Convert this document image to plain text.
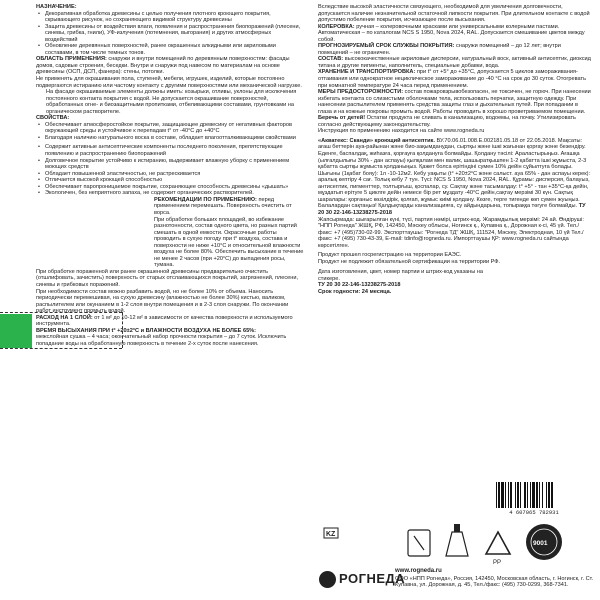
НАЗНАЧЕНИЕ:

• Декоративная обработка древесины с целью получения плотного кроющего покрытия, скрывающего рисунок, но сохраняющего видимой структуру древесины
• Защита древесины от воздействия влаги, появления и распространения биопоражений (плесени, синевы, грибка, гнили), УФ-излучения (потемнения, выгорания) и других атмосферных воздействий
• Обновление деревянных поверхностей, ранее окрашенных алкидными или акриловыми составами, в том числе темных тонов.

ОБЛАСТЬ ПРИМЕНЕНИЯ: снаружи и внутри помещений по деревянным поверхностям: фасады домов, садовые строения, беседки. Внутри и снаружи под навесом по материалам на основе древесины (ОСП, ДСП, фанера): стены, потолки.

Не применять для окрашивания пола, ступеней, мебели, игрушек, изделий, которые постоянно подвергаются истиранию или частому контакту с другими поверхностями или механической нагрузке.

На фасаде окрашиваемые элементы должны иметь: козырьки, отливы, уклоны для исключения постоянного контакта покрытия с водой. Не допускается окрашивание поверхностей, обработанных огне- и биозащитными пропитками, отбеливающими составами, грунтовками на органическом растворителе.

СВОЙСТВА:

• Обеспечивает атмосферостойкое покрытие, защищающее древесину от негативных факторов окружающей среды и устойчивое к перепадам t° от -40°С до +40°С
• Благодаря наличию натурального воска в составе, обладает влагоотталкивающими свойствами
• Содержит активные антисептические компоненты последнего поколения, препятствующие появлению и распространению биопоражений
• Долговечное покрытие устойчиво к истиранию, выдерживает влажную уборку с применением моющих средств
• Обладает повышенной эластичностью, не растрескивается
• Отличается высокой кроющей способностью
• Обеспечивает паропроницаемое покрытие, сохраняющее способность древесины «дышать»
• Экологичен, без неприятного запаха, не содержит органических растворителей.

РЕКОМЕНДАЦИИ ПО ПРИМЕНЕНИЮ: перед применением перемешать. Поверхность очистить от ворса.

При обработке больших площадей, во избежание разнотонности, состав одного цвета, но разных партий смешать в одной емкости. Окрасочные работы проводить в сухую погоду при t° воздуха, состава и поверхности не ниже +10°С и относительной влажности воздуха не более 80%. Обеспечить высыхание в течение не менее 2 часов (при +20°С) до выпадения росы, тумана.

При обработке пораженной или ранее окрашенной древесины предварительно очистить (отшлифовать, зачистить) поверхность от старых отслаивающихся покрытий, загрязнений, плесени, синевы и грибковых поражений.

При необходимости состав можно разбавить водой, но не более 10% от объема. Наносить периодически перемешивая, на сухую древесину (влажностью не более 30%) кистью, валиком, распылителем или окунанием в 1-2 слоя внутри помещения и в 2-3 слоя снаружи. По окончании работ инструмент промыть водой.

РАСХОД НА 1 СЛОЙ: от 1 м² до 10-12 м² в зависимости от качества поверхности и используемого инструмента.

ВРЕМЯ ВЫСЫХАНИЯ ПРИ t° +20±2°С и ВЛАЖНОСТИ ВОЗДУХА НЕ БОЛЕЕ 65%:

межслойная сушка – 4 часа; окончательный набор прочности покрытия – до 7 суток. Исключить попадание воды на обработанную поверхность в течение 2-х суток после нанесения.

Вследствие высокой эластичности связующего, необходимой для увеличения долговечности, допускается наличие незначительной остаточной липкости покрытия. При длительном контакте с водой допустимо побеление покрытия, исчезающее после высыхания.

КОЛЕРОВКА: ручная – колеровочными красками или универсальными колерными пастами. Автоматическая – по каталогам NCS S 1950, Nova 2024, RAL. Допускается смешивание цветов между собой.

ПРОГНОЗИРУЕМЫЙ СРОК СЛУЖБЫ ПОКРЫТИЯ: снаружи помещений – до 12 лет; внутри помещений – не ограничен.

СОСТАВ: высококачественные акриловые дисперсии, натуральный воск, активный антисептик, диоксид титана и другие пигменты, наполнитель, специальные добавки, вода.

ХРАНЕНИЕ И ТРАНСПОРТИРОВКА: при t° от +5° до +35°С, допускается 5 циклов замораживания-оттаивания или однократное нециклическое замораживание до -40 °С на срок до 30 суток. Отогревать при комнатной температуре 24 часа перед применением.

МЕРЫ ПРЕДОСТОРОЖНОСТИ: состав пожаровзрывобезопасен, не токсичен, не горюч. При нанесении избегать контакта со слизистыми оболочками тела, использовать перчатки, защитную одежду. При нанесении распылителем применять средства защиты глаз и дыхательных путей. При попадании в глаза и на кожные покровы промыть водой. Работы проводить в хорошо проветриваемом помещении. Беречь от детей! Остатки продукта не сливать в канализацию, водоемы, на почву. Утилизировать согласно действующему законодательству.

Инструкция по применению находится на сайте www.rogneda.ru

«Акватекс: Сканди» кроющий антисептик. ВУ.70.06.01.008.Е.002181.05.18 от 22.05.2018. Мақсаты: ағаш беттерін ауа-райынан және био-зақымданудан, сыртқы және ішкі жағынан қорғау және безендіру. Еденге, баспалдақ, жиһазға, қорғауға қолдануға болмайды. Қолдану тәсілі: Араластырыңыз. Ағашқа (ылғалдылығы 30% - дан аспауы) қылқалам мен валик, шашыратқышпен 1-2 қабатта ішкі жұмыста, 2-3 қабатта сыртқы жұмыста қолданыңыз. Қажет болса ерітіндіні сумен 10% дейін сұйылтуға болады. Шығыны (1қабат бояу): 1л -10-12м2. Кебу уақыты (t° +20±2°С және салыст. ауа 65% - дан аспауы керек): аралық кептіру 4 сағ. Толық кебу 7 тун. Түсі: NCS S 1950, Nova 2024, RAL. Құрамы: дисперсия, балауыз, антисептик, пигменттер, толтырғыш, қоспалар, су. Сақтау және тасымалдау: t° +5° - тан +35°С-қа дейін, мұздатып ерітуге 5 циклге дейін немесе бір рет мұздату -40°С дейін,сақтау мерзімі 30 күн. Сақтық шаралары: қорғаныс көзілдірік, қолғап, жұмыс киімі қолдану. Көзге, терге тигенде көп сумен жуыңыз. Балалардан сақтаңыз! Қалдықтарды канализацияға, су айдындарына, топыраққа төгуге болмайды. ТУ 20 30 22-146-13238275-2018

Жапсырмада: шығарылған күні, түсі, партия нөмірі, штрих-код. Жарамдылық мерзімі: 24 ай. Өндіруші: "НПП Рогнеда" ЖШҚ, РФ, 142450, Мәскеу облысы, Ногинск қ., Купавна қ., Дорожная к-сі, 45 үй. Тел./факс: +7 (495)730-02-99. Экспорттаушы: "Рогнеда ТД" ЖШҚ, 111524, Мәскеу, Электродная, 10 үй Тел./факс: +7 (495) 730-43-39, E-mail: tdinfo@rogneda.ru. Импорттаушы ҚР: www.rogneda.ru сайтында көрсетілген.

Продукт прошел госрегистрацию на территории ЕАЭС.

Продукт не подлежит обязательной сертификации на территории РФ.

Дата изготовления, цвет, номер партии и штрих-код указаны на стикере.

ТУ 20 30 22-146-13238275-2018

Срок годности: 24 месяца.

4 607065 782931
KZ
PP
9001
РОГНЕДА
www.rogneda.ru
ООО «НПП Рогнеда», Россия, 142450, Московская область, г. Ногинск, г. Ст. Купавна, ул. Дорожная, д. 45, Тел./факс: (495) 730-0299, 368-7341.
